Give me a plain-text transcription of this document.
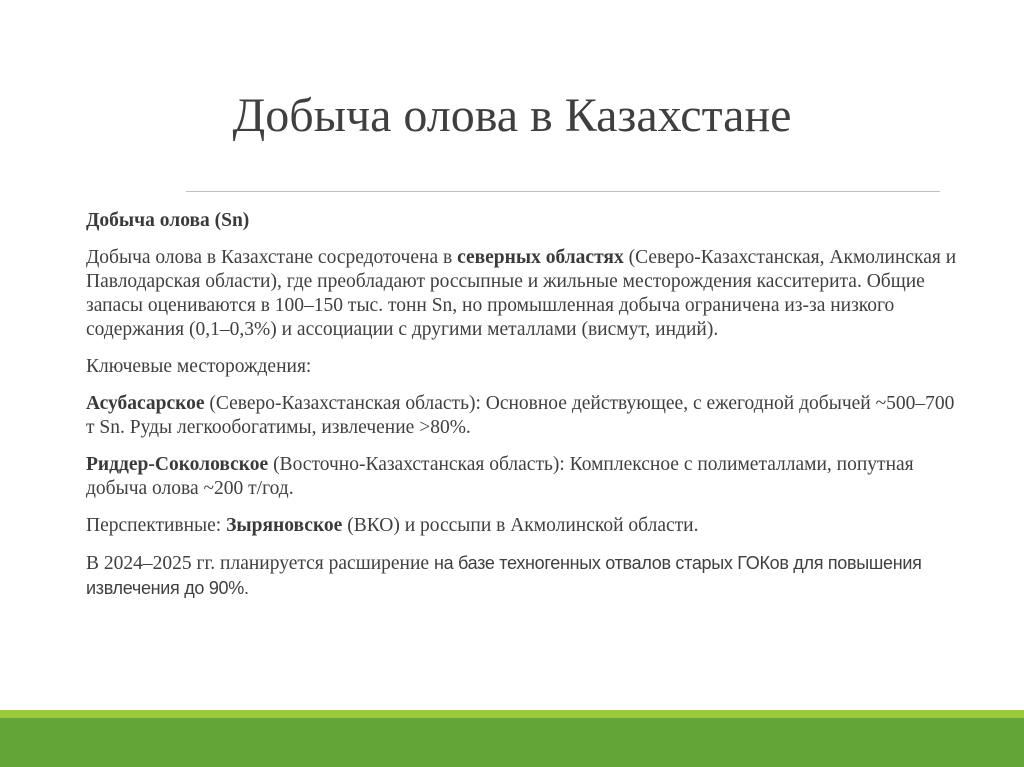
Добыча олова в Казахстане

Добыча олова (Sn)

Добыча олова в Казахстане сосредоточена в северных областях (Северо-Казахстанская, Акмолинская и Павлодарская области), где преобладают россыпные и жильные месторождения касситерита. Общие запасы оцениваются в 100–150 тыс. тонн Sn, но промышленная добыча ограничена из-за низкого содержания (0,1–0,3%) и ассоциации с другими металлами (висмут, индий).

Ключевые месторождения:

Асубасарское (Северо-Казахстанская область): Основное действующее, с ежегодной добычей ~500–700 т Sn. Руды легкообогатимы, извлечение >80%.

Риддер-Соколовское (Восточно-Казахстанская область): Комплексное с полиметаллами, попутная добыча олова ~200 т/год.

Перспективные: Зыряновское (ВКО) и россыпи в Акмолинской области.

В 2024–2025 гг. планируется расширение на базе техногенных отвалов старых ГОКов для повышения извлечения до 90%.
